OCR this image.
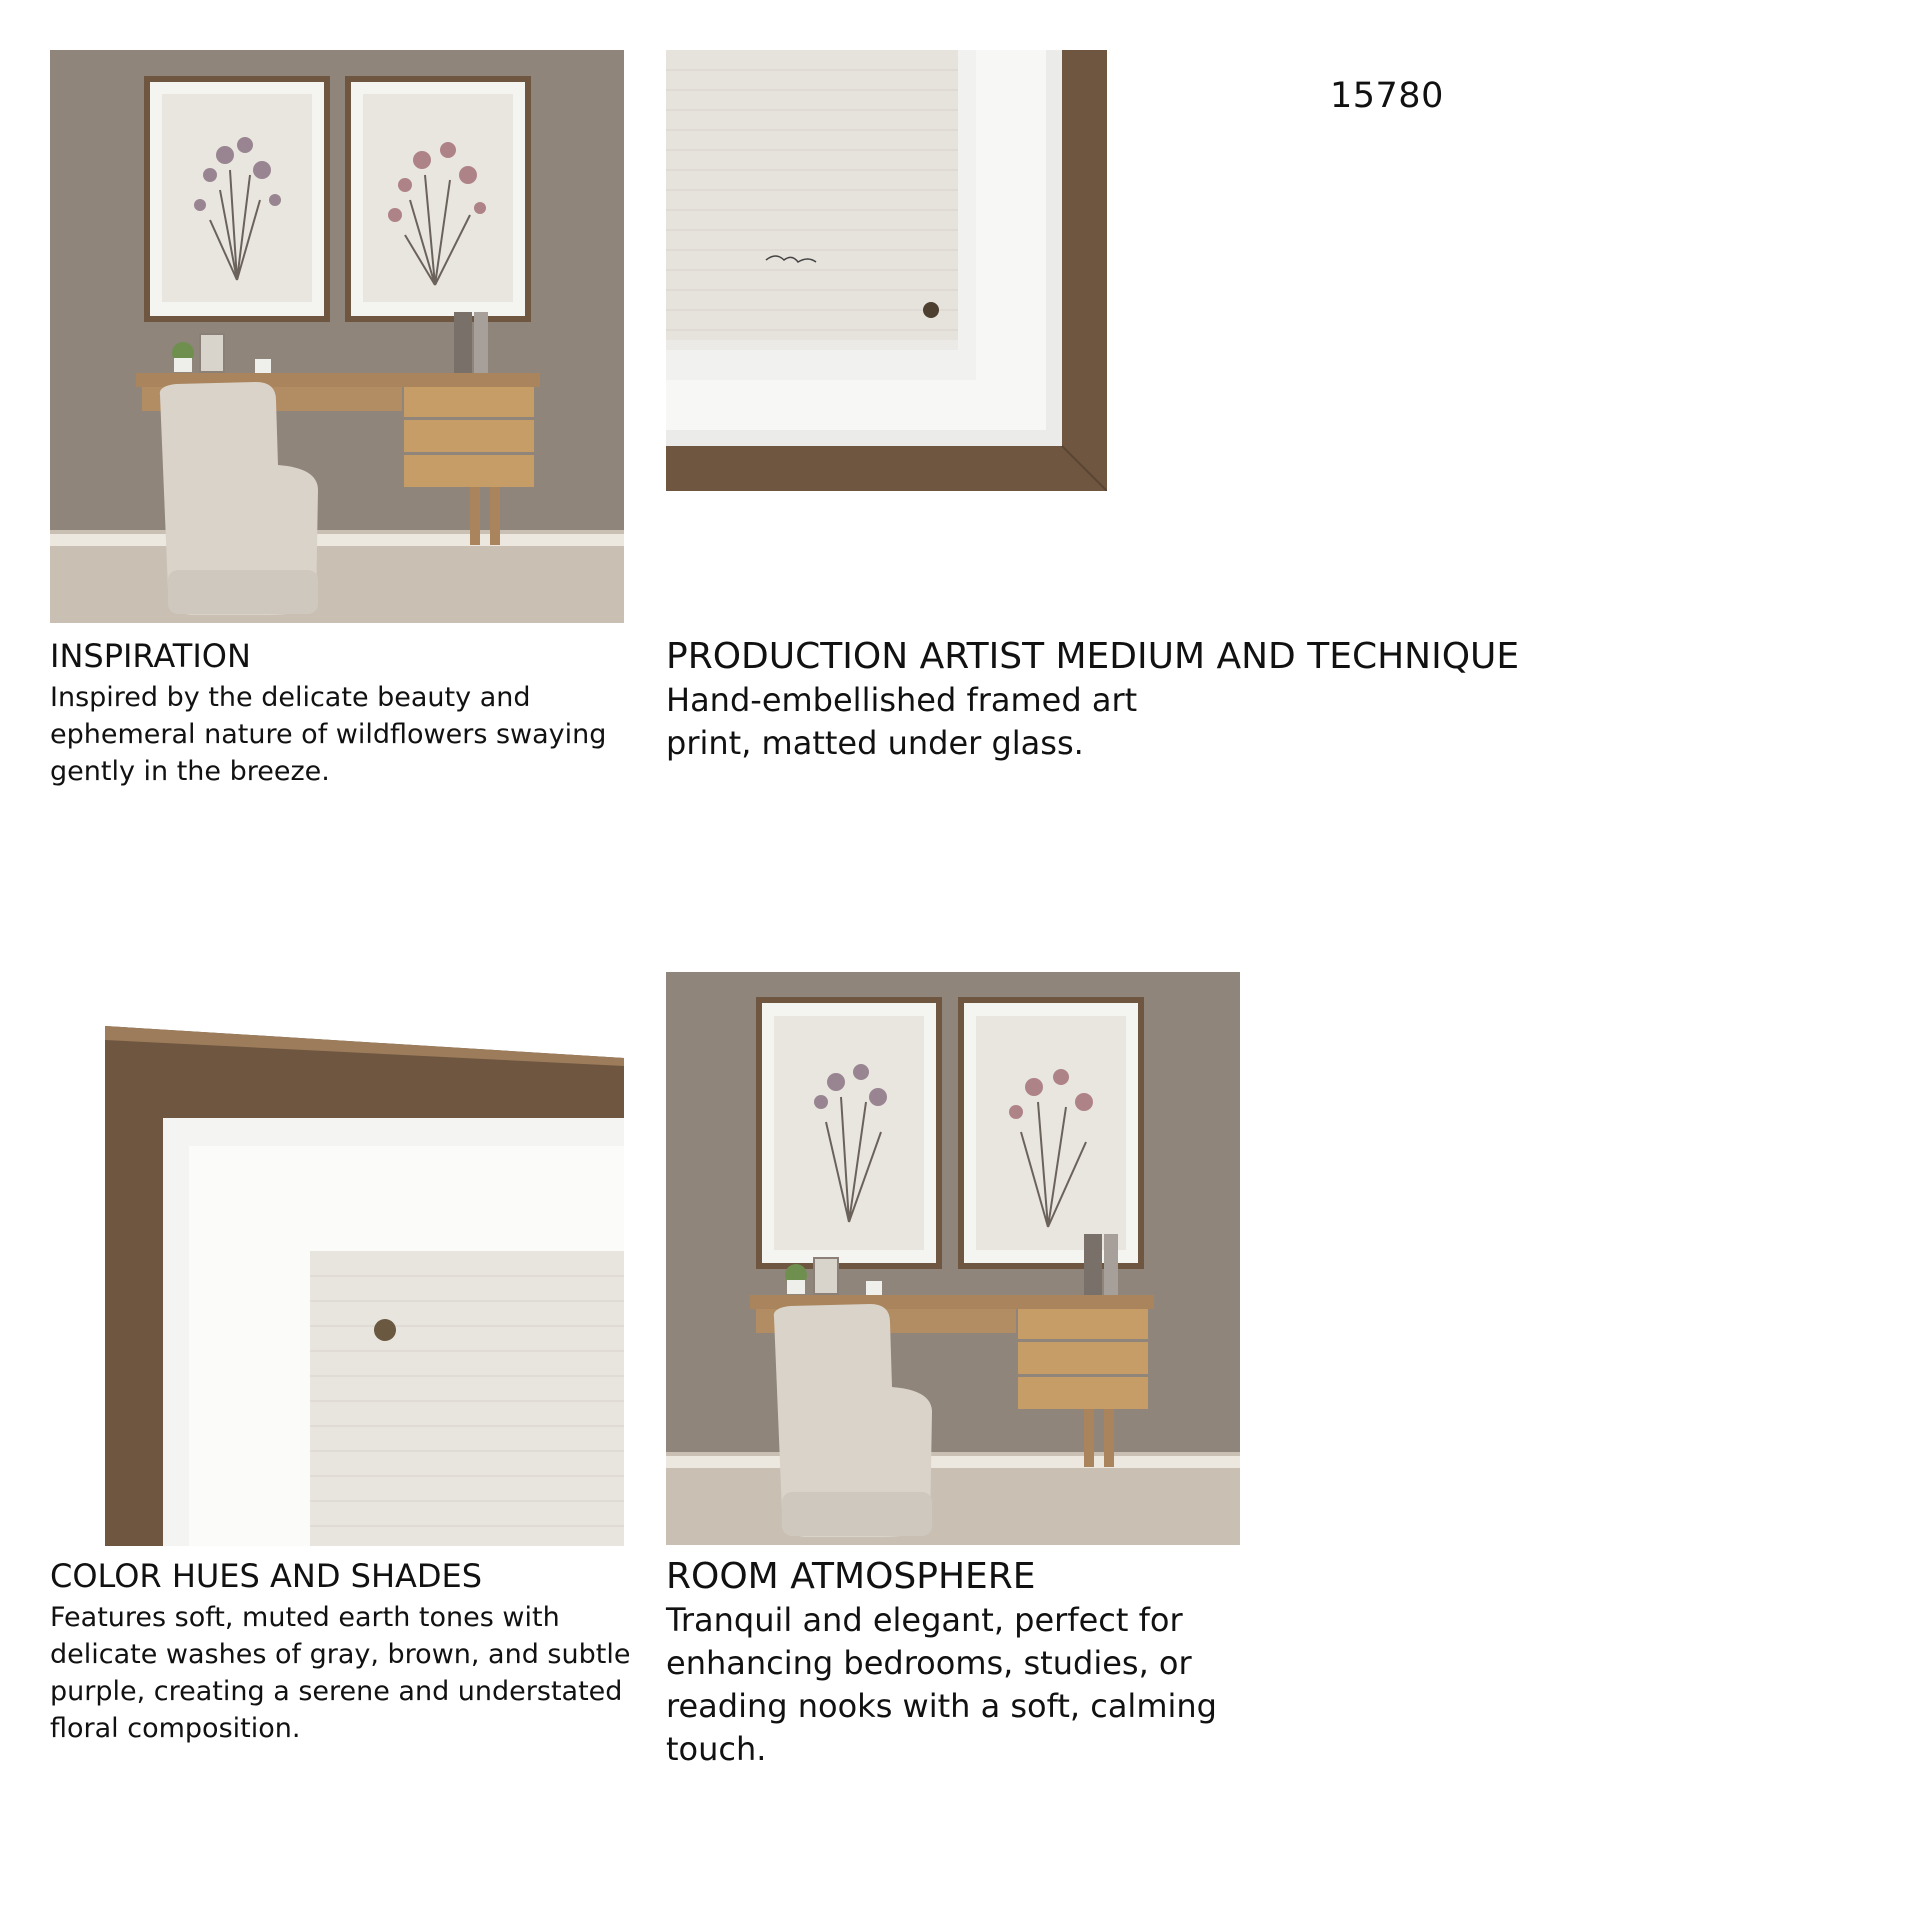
15780
INSPIRATION

Inspired by the delicate beauty and ephemeral nature of wildflowers swaying gently in the breeze.

PRODUCTION ARTIST MEDIUM AND TECHNIQUE

Hand-embellished framed art print, matted under glass.

COLOR HUES AND SHADES

Features soft, muted earth tones with delicate washes of gray, brown, and subtle purple, creating a serene and understated floral composition.

ROOM ATMOSPHERE

Tranquil and elegant, perfect for enhancing bedrooms, studies, or reading nooks with a soft, calming touch.
